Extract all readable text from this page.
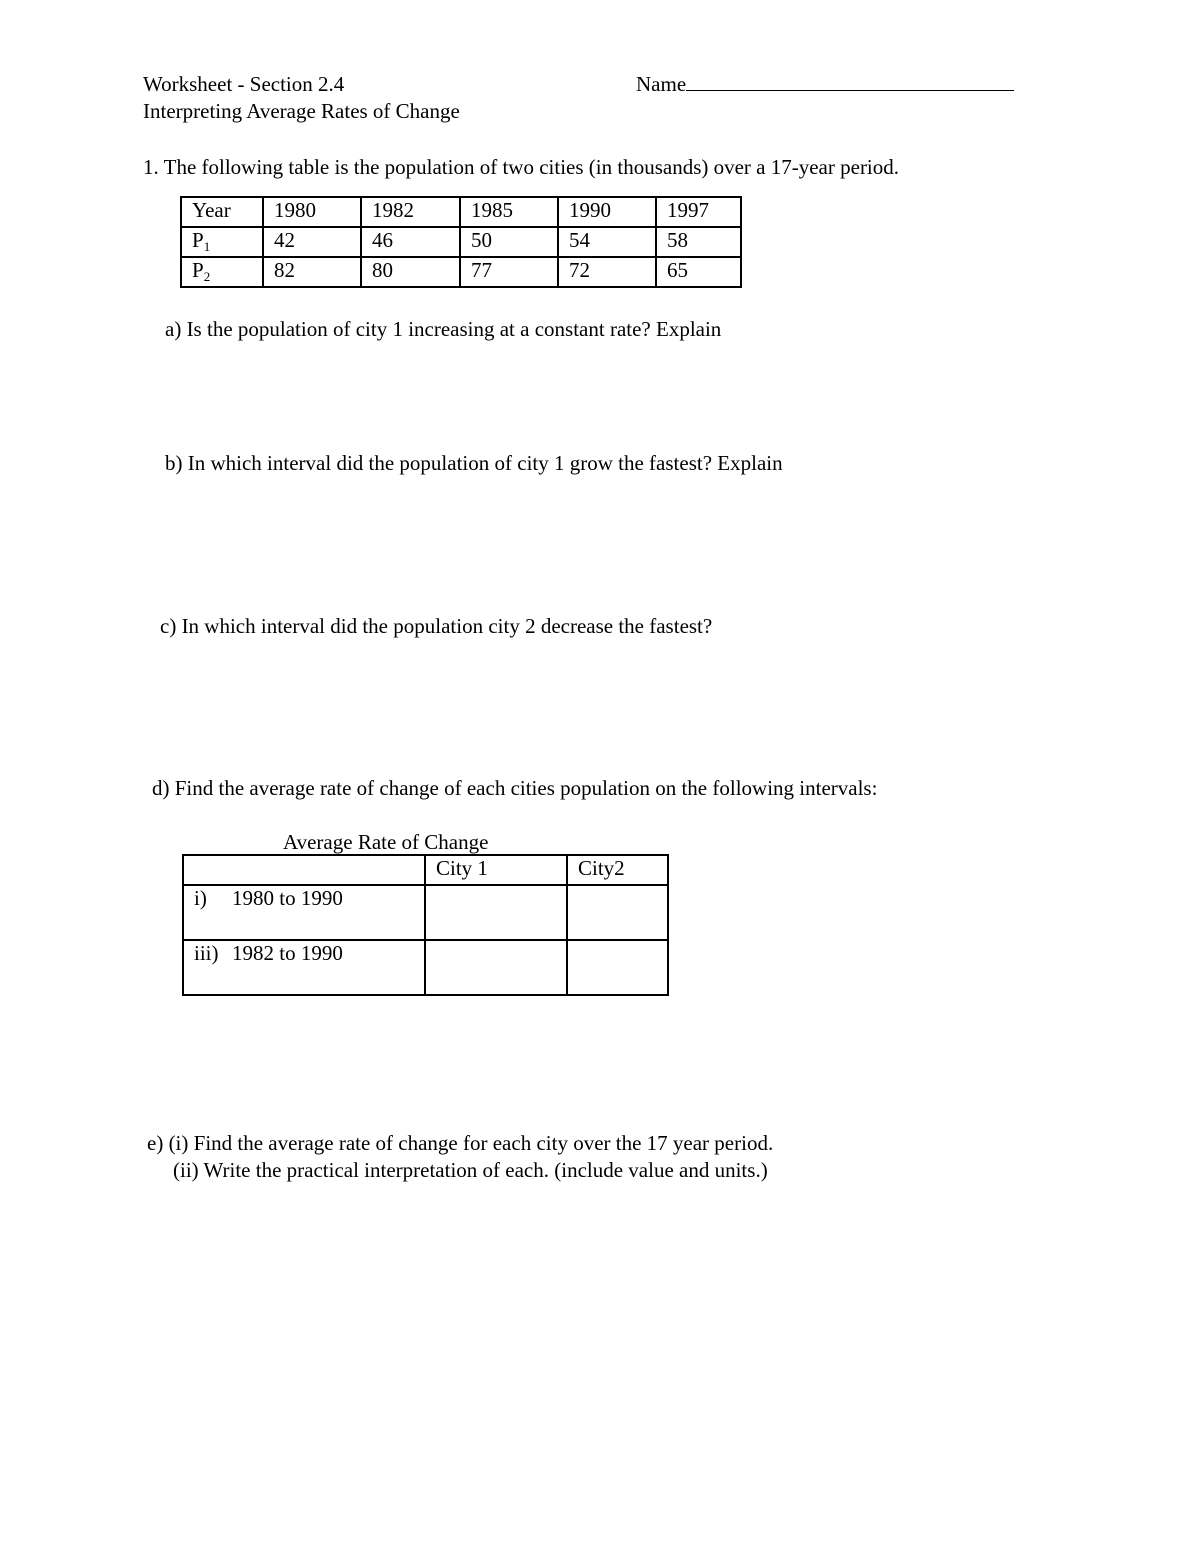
Worksheet - Section 2.4	Name
Interpreting Average Rates of Change
1. The following table is the population of two cities (in thousands) over a 17-year period.
Year	1980	1982	1985	1990	1997
$P_1$	42	46	50	54	58
$P_2$	82	80	77	72	65
a) Is the population of city 1 increasing at a constant rate? Explain
b) In which interval did the population of city 1 grow the fastest? Explain
c) In which interval did the population city 2 decrease the fastest?
d) Find the average rate of change of each cities population on the following intervals:
Average Rate of Change
	City 1	City2
i) 1980 to 1990		
iii) 1982 to 1990		
e) (i) Find the average rate of change for each city over the 17 year period.
(ii) Write the practical interpretation of each. (include value and units.)
